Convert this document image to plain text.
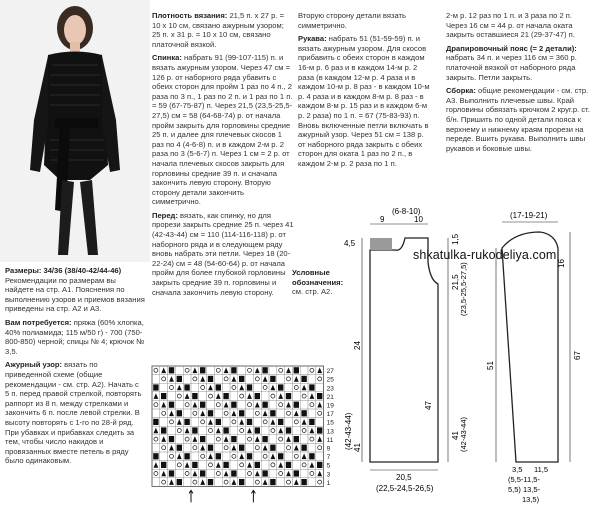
Размеры: 34/36 (38/40-42/44-46) Рекомендации по размерам вы найдете на стр. А1. Пояснения по выполнению узоров и приемов вязания приведены на стр. А2 и А3.

Вам потребуется: пряжа (60% хлопка, 40% полиамида; 115 м/50 г) - 700 (750-800-850) черной; спицы № 4; крючок № 3,5.

Ажурный узор: вязать по приведенной схеме (общие рекомендации - см. стр. А2). Начать с 5 п. перед правой стрелкой, повторять раппорт из 8 п. между стрелками и закончить 6 п. после левой стрелки. В высоту повторять с 1-го по 28-й ряд. При убавках и прибавках следить за тем, чтобы число накидов и провязанных вместе петель в ряду было одинаковым.

Плотность вязания: 21,5 п. х 27 р. = 10 х 10 см, связано ажурным узором; 25 п. х 31 р. = 10 х 10 см, связано платочной вязкой.

Спинка: набрать 91 (99-107-115) п. и вязать ажурным узором. Через 47 см = 126 р. от наборного ряда убавить с обеих сторон для пройм 1 раз по 4 п., 2 раза по 3 п., 1 раз по 2 п. и 1 раз по 1 п. = 59 (67-75-87) п. Через 21,5 (23,5-25,5-27,5) см = 58 (64-68-74) р. от начала пройм закрыть для горловины средние 25 п. и далее для плечевых скосов 1 раз по 4 (4-6-8) п. и в каждом 2-м р. 2 раза по 3 (5-6-7) п. Через 1 см = 2 р. от начала плечевых скосов закрыть для горловины средние 39 п. и сначала закончить левую сторону. Вторую сторону детали закончить симметрично.

Перед: вязать, как спинку, но для прорези закрыть средние 25 п. через 41 (42-43-44) см = 110 (114-116-118) р. от наборного ряда и в следующем ряду вновь набрать эти петли. Через 18 (20-22-24) см = 48 (54-60-64) р. от начала пройм для более глубокой горловины закрыть средние 39 п. горловины и сначала закончить левую сторону.

Вторую сторону детали вязать симметрично.

Рукава: набрать 51 (51-59-59) п. и вязать ажурным узором. Для скосов прибавить с обеих сторон в каждом 16-м р. 6 раз и в каждом 14-м р. 2 раза (в каждом 12-м р. 4 раза и в каждом 10-м р. 8 раз - в каждом 10-м р. 4 раза и в каждом 8-м р. 8 раз - в каждом 8-м р. 15 раз и в каждом 6-м р. 2 раза) по 1 п. = 67 (75-83-93) п. Вновь включенные петли включать в ажурный узор. Через 51 см = 138 р. от наборного ряда закрыть с обеих сторон для оката 1 раз по 2 п., в каждом 2-м р. 2 раза по 1 п.

2-м р. 12 раз по 1 п. и 3 раза по 2 п. Через 16 см = 44 р. от начала оката закрыть оставшиеся 21 (29-37-47) п.

Драпировочный пояс (= 2 детали): набрать 34 п. и через 116 см = 360 р. платочной вязкой от наборного ряда закрыть. Петли закрыть.

Сборка: общие рекомендации - см. стр. А3. Выполнить плечевые швы. Край горловины обвязать крючком 2 круг.р. ст. б/н. Пришить по одной детали пояса к верхнему и нижнему краям прорези на переде. Вшить рукава. Выполнить швы рукавов и боковые швы.

Условные обозначения:
см. стр. А2.
shkatulka-rukodeliya.com
27
25
23
21
19
17
15
13
11
9
7
5
3
1
9
(6-8-10)
10
4,5
(42-43-44)
24
41
47
21,5 (23,5-25,5-27,5)
1,5
41 (42-43-44)
20,5
(22,5-24,5-26,5)
(17-19-21)
16
51
67
3,5 11,5
(5,5-11,5-
5,5) 13,5-
13,5)
